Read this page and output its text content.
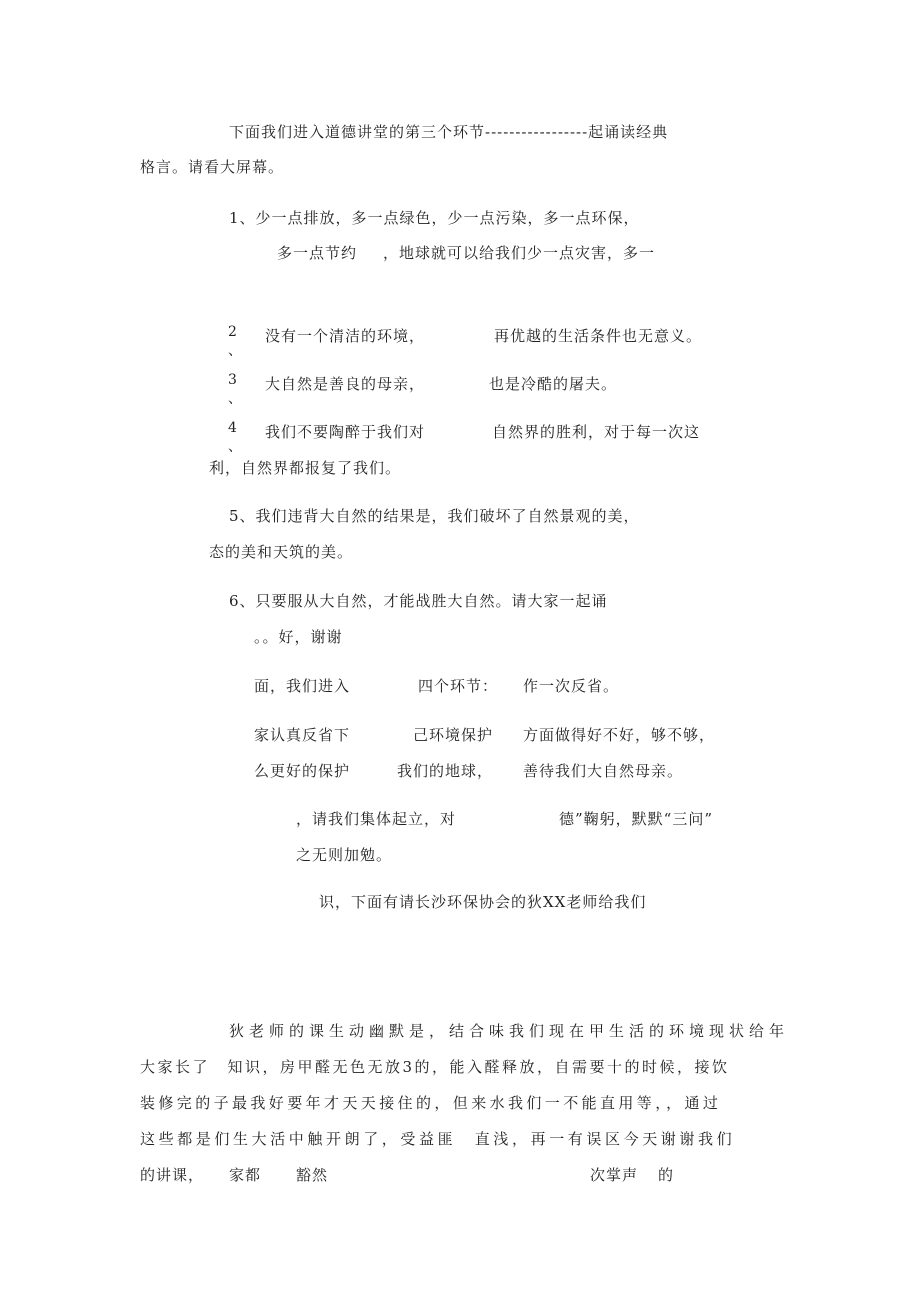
下面我们进入道德讲堂的第三个环节-----------------起诵读经典
格言。请看大屏幕。
1、少一点排放，多一点绿色，少一点污染，多一点环保，
多一点节约 ，地球就可以给我们少一点灾害，多一
2
、
没有一个清洁的环境，	再优越的生活条件也无意义。
3
、
大自然是善良的母亲，	也是冷酷的屠夫。
4
、
我们不要陶醉于我们对	自然界的胜利，对于每一次这
利，自然界都报复了我们。
5、我们违背大自然的结果是，我们破坏了自然景观的美，
态的美和天筑的美。
6、只要服从大自然，才能战胜大自然。请大家一起诵
。。好，谢谢
面，我们进入	四个环节： 作一次反省。
家认真反省下	己环境保护 方面做得好不好，够不够，
么更好的保护	我们的地球， 善待我们大自然母亲。
，请我们集体起立，对	德”鞠躬，默默“三问”
之无则加勉。
识，下面有请长沙环保协会的狄XX老师给我们
狄老师的课生动幽默是，结合味我们现在甲生活的环境现状给年
大家长了　知识，房甲醛无色无放3的，能入醛释放，自需要十的时候，接饮
装修完的子最我好要年才天天接住的，但来水我们一不能直用等，，通过
这些都是们生大活中触开朗了，受益匪　直浅，再一有误区今天谢谢我们
的讲课， 家都 豁然	次掌声 的
